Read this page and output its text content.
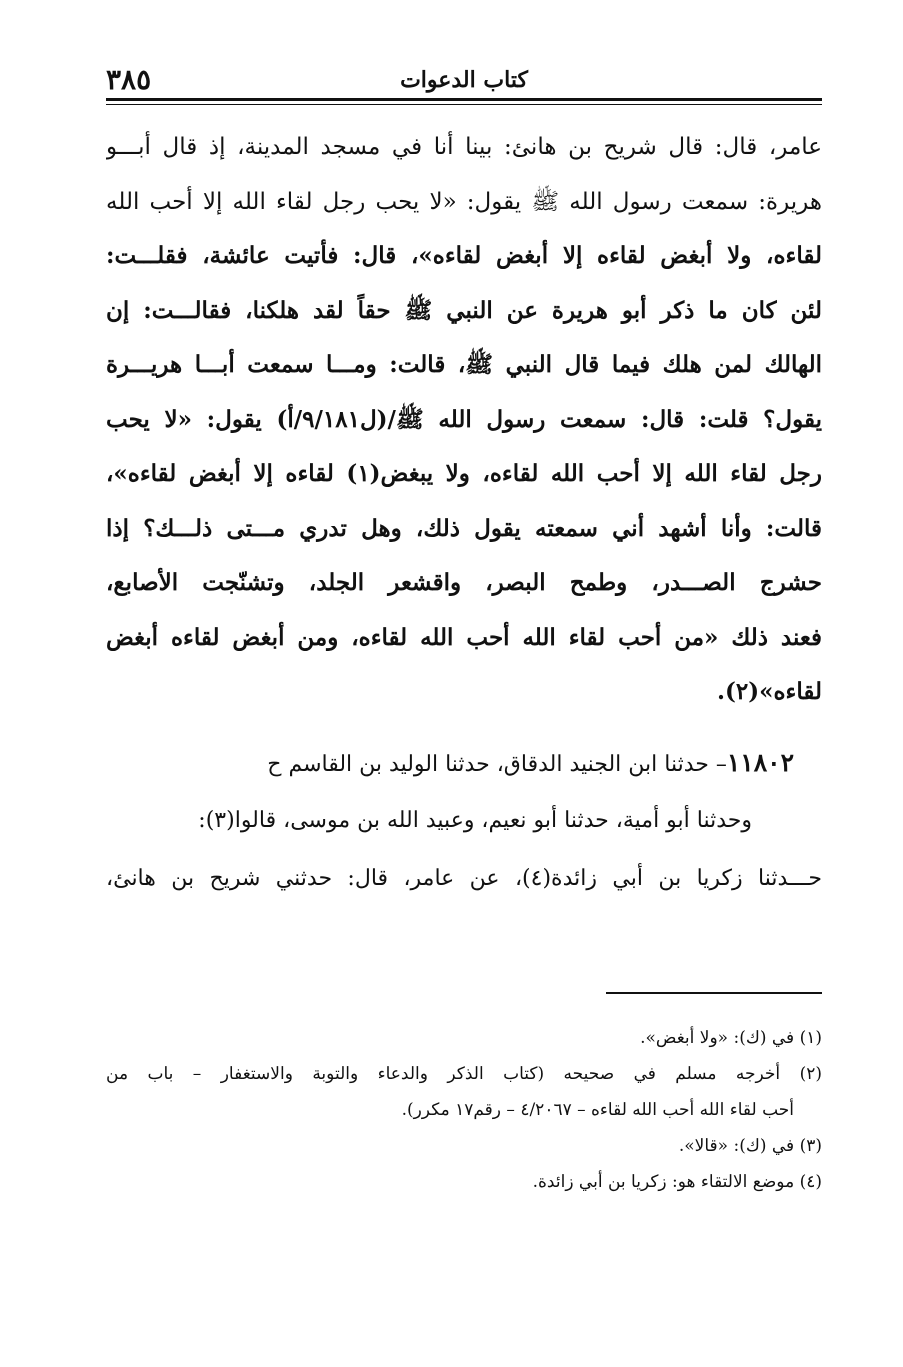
كتاب الدعوات
٣٨٥
عامر، قال: قال شريح بن هانئ: بينا أنا في مسجد المدينة، إذ قال أبـــو
هريرة: سمعت رسول الله ﷺ يقول: «لا يحب رجل لقاء الله إلا أحب الله
لقاءه، ولا أبغض لقاءه إلا أبغض لقاءه»، قال: فأتيت عائشة، فقلـــت:
لئن كان ما ذكر أبو هريرة عن النبي ﷺ حقاً لقد هلكنا، فقالـــت: إن
الهالك لمن هلك فيما قال النبي ﷺ، قالت: ومـــا سمعت أبـــا هريـــرة
يقول؟ قلت: قال: سمعت رسول الله ﷺ/(ل٩/١٨١/أ) يقول: «لا يحب
رجل لقاء الله إلا أحب الله لقاءه، ولا يبغض(١) لقاءه إلا أبغض لقاءه»،
قالت: وأنا أشهد أني سمعته يقول ذلك، وهل تدري مـــتى ذلـــك؟ إذا
حشرج الصـــدر، وطمح البصر، واقشعر الجلد، وتشنّجت الأصابع،
فعند ذلك «من أحب لقاء الله أحب الله لقاءه، ومن أبغض لقاءه أبغض
لقاءه»(٢).
١١٨٠٢– حدثنا ابن الجنيد الدقاق، حدثنا الوليد بن القاسم ح
وحدثنا أبو أمية، حدثنا أبو نعيم، وعبيد الله بن موسى، قالوا(٣):
حـــدثنا زكريا بن أبي زائدة(٤)، عن عامر، قال: حدثني شريح بن هانئ،
(١) في (ك): «ولا أبغض».
(٢) أخرجه مسلم في صحيحه (كتاب الذكر والدعاء والتوبة والاستغفار – باب من
أحب لقاء الله أحب الله لقاءه – ٤/٢٠٦٧ – رقم١٧ مكرر).
(٣) في (ك): «قالا».
(٤) موضع الالتقاء هو: زكريا بن أبي زائدة.
